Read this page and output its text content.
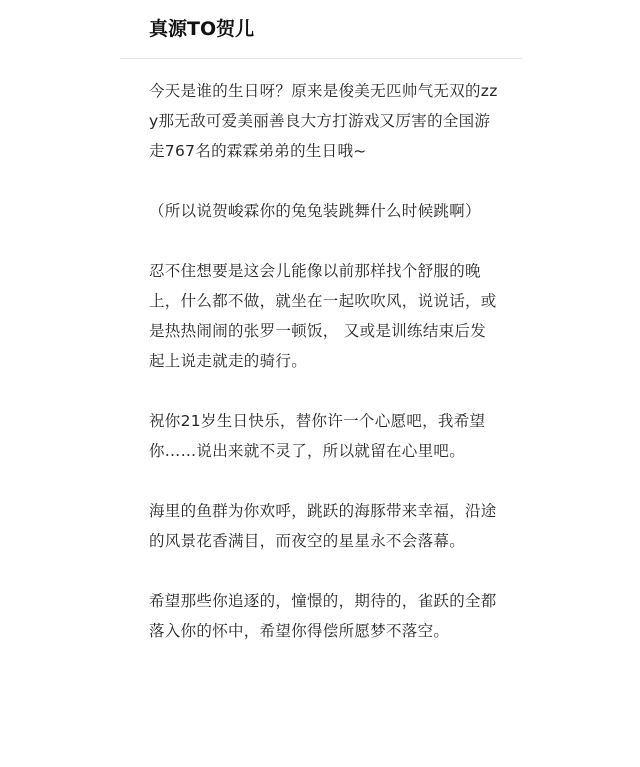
真源TO贺儿

今天是谁的生日呀？原来是俊美无匹帅气无双的zzy那无敌可爱美丽善良大方打游戏又厉害的全国游走767名的霖霖弟弟的生日哦~

（所以说贺峻霖你的兔兔装跳舞什么时候跳啊）

忍不住想要是这会儿能像以前那样找个舒服的晚上，什么都不做，就坐在一起吹吹风，说说话，或是热热闹闹的张罗一顿饭， 又或是训练结束后发起上说走就走的骑行。

祝你21岁生日快乐，替你许一个心愿吧，我希望你……说出来就不灵了，所以就留在心里吧。

海里的鱼群为你欢呼，跳跃的海豚带来幸福，沿途的风景花香满目，而夜空的星星永不会落幕。

希望那些你追逐的，憧憬的，期待的，雀跃的全都落入你的怀中，希望你得偿所愿梦不落空。
